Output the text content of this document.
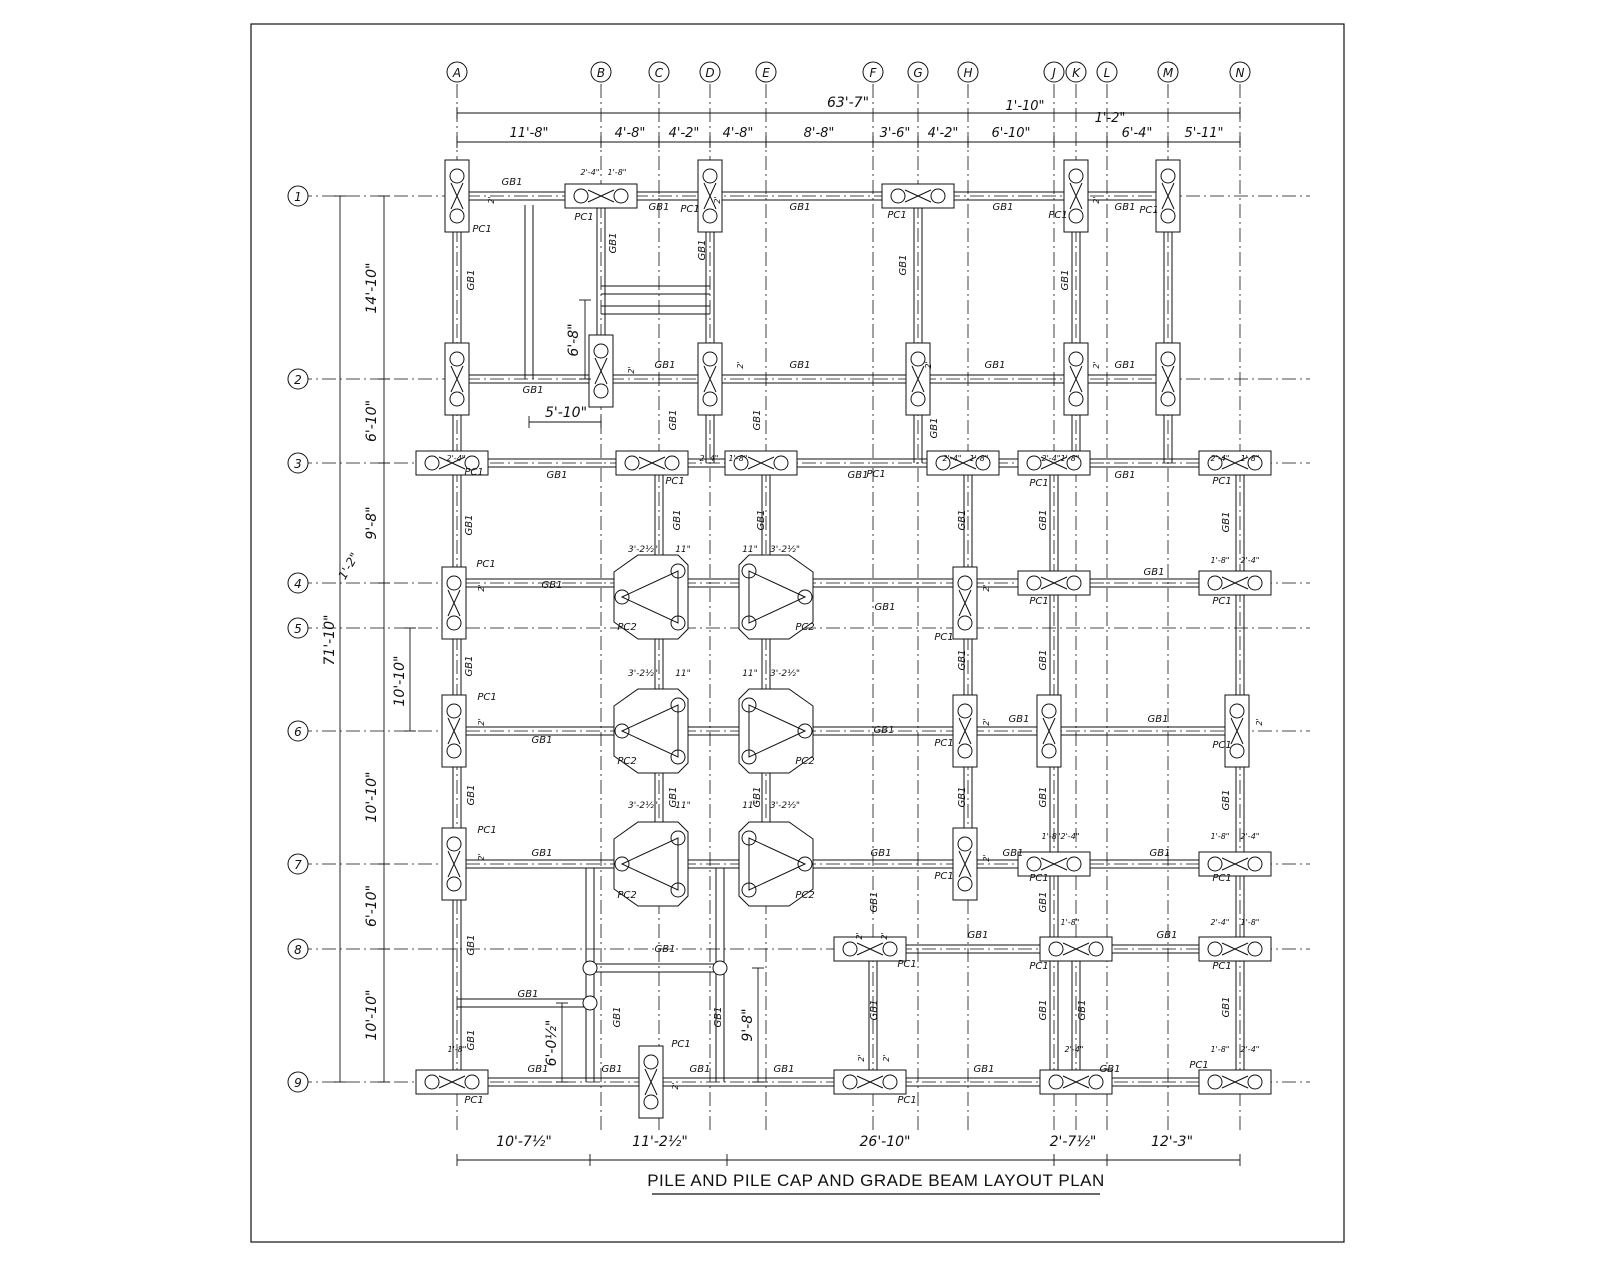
A	B	C	D	E	F	G	H	J K L	M	N
1
2
3
4
5
6
7
8
9
63'-7"
11'-8"	4'-8" 4'-2" 4'-8"	8'-8"	3'-6" 4'-2"	6'-10"	6'-4" 5'-11"
1'-10"
1'-2"
14'-10"
6'-10"
9'-8"
10'-10"
10'-10"
6'-10"
10'-10"
71'-10"
1'-2"
10'-7½"	11'-2½"	26'-10"	2'-7½"	12'-3"
6'-8"
5'-10"
9'-8"
6'-0½"
PC1
PC1
PC1
PC1	PC1	PC1
PC1
PC1
PC1
PC1	PC1
PC1
PC1
PC1	PC1
PC1
PC1	PC1
PC1
PC1	PC1	PC1
PC1	PC1
PC1
PC1
PC1
PC1
PC1
PC2	PC2
PC2	PC2
PC2	PC2
GB1
GB1	GB1	GB1	GB1
GB1
GB1	GB1	GB1	GB1
GB1	GB1	GB1
GB1
GB1
GB1
GB1
GB1
GB1	GB1
GB1	GB1	GB1	GB1
GB1
GB1	GB1
GB1
GB1	GB1	GB1	GB1	GB1	GB1
GB1
GB1	GB1
GB1
GB1
GB1
GB1	GB1	GB1
GB1	GB1	GB1	GB1	GB1
GB1	GB1	GB1
GB1	GB1	GB1	GB1	GB1	GB1
GB1
GB1	GB1
GB1
GB1
GB1	GB1	GB1
GB1
GB1
2'-4" 1'-8"
2'-4" 1'-8"	2'-4" 1'-8"	2'-4" 1'-8"	2'-4" 1'-8"
2'-4"
1'-8" 2'-4"
1'-8" 2'-4"	1'-8" 2'-4"
1'-8"	2'-4" 1'-8"
2'-4"	1'-8" 2'-4"
1'-8"
2'
2'
2'
2'	2'
2'
2'
2'
2'
2'
2'
2'
2'
2' 2'
2' 2'
2'
2'
3'-2½"	3'-2½"
3'-2½"	3'-2½"
3'-2½"	3'-2½"
11"	11"
11"	11"
11"	11"
PILE AND PILE CAP AND GRADE BEAM LAYOUT PLAN
